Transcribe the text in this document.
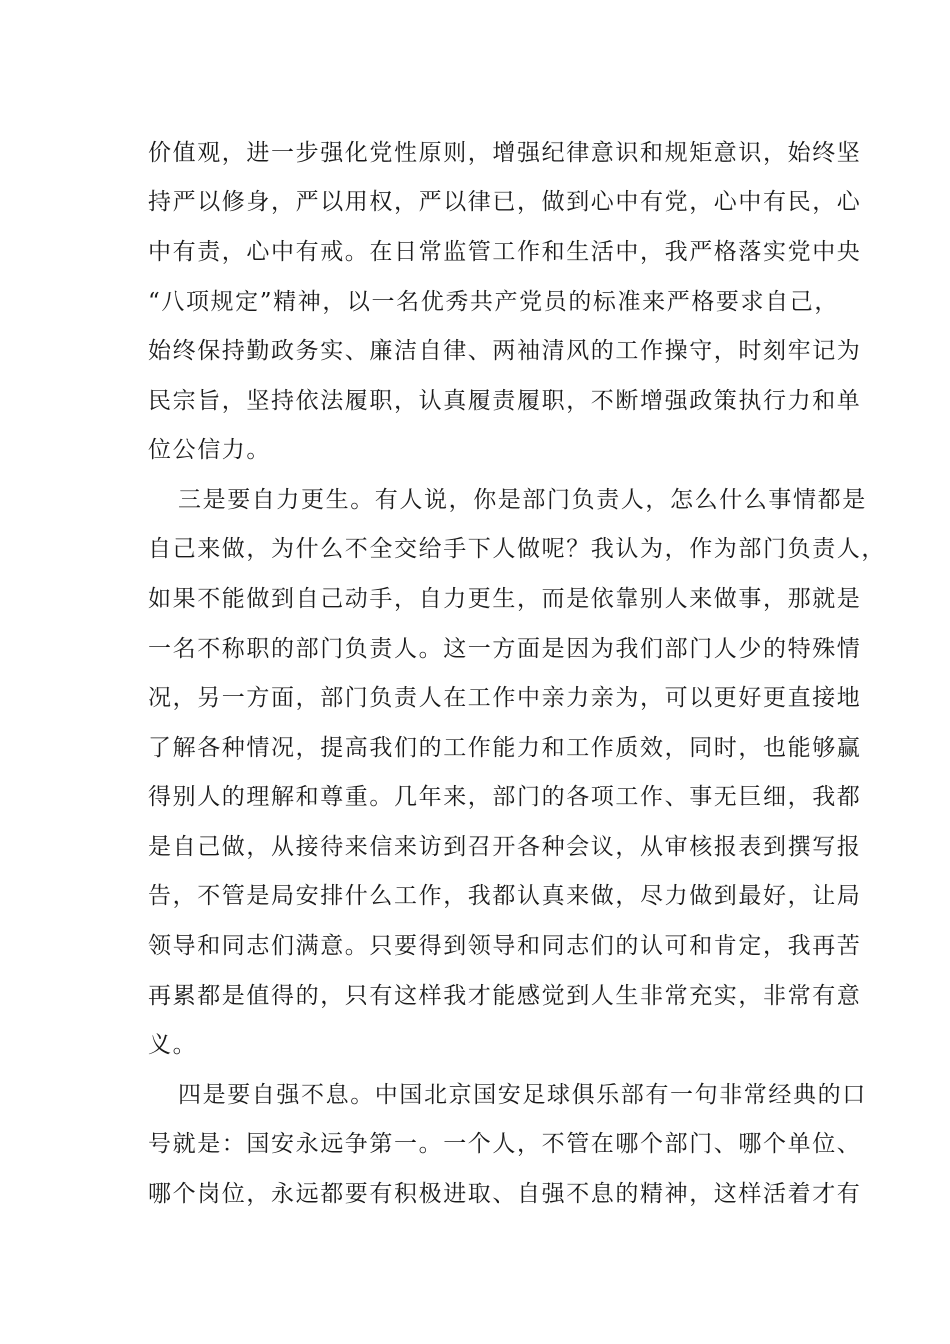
价值观，进一步强化党性原则，增强纪律意识和规矩意识，始终坚
持严以修身，严以用权，严以律已，做到心中有党，心中有民，心
中有责，心中有戒。在日常监管工作和生活中，我严格落实党中央
“八项规定”精神，以一名优秀共产党员的标准来严格要求自己，
始终保持勤政务实、廉洁自律、两袖清风的工作操守，时刻牢记为
民宗旨，坚持依法履职，认真履责履职，不断增强政策执行力和单
位公信力。
三是要自力更生。有人说，你是部门负责人，怎么什么事情都是
自己来做，为什么不全交给手下人做呢？我认为，作为部门负责人，
如果不能做到自己动手，自力更生，而是依靠别人来做事，那就是
一名不称职的部门负责人。这一方面是因为我们部门人少的特殊情
况，另一方面，部门负责人在工作中亲力亲为，可以更好更直接地
了解各种情况，提高我们的工作能力和工作质效，同时，也能够赢
得别人的理解和尊重。几年来，部门的各项工作、事无巨细，我都
是自己做，从接待来信来访到召开各种会议，从审核报表到撰写报
告，不管是局安排什么工作，我都认真来做，尽力做到最好，让局
领导和同志们满意。只要得到领导和同志们的认可和肯定，我再苦
再累都是值得的，只有这样我才能感觉到人生非常充实，非常有意
义。
四是要自强不息。中国北京国安足球俱乐部有一句非常经典的口
号就是：国安永远争第一。一个人，不管在哪个部门、哪个单位、
哪个岗位，永远都要有积极进取、自强不息的精神，这样活着才有
